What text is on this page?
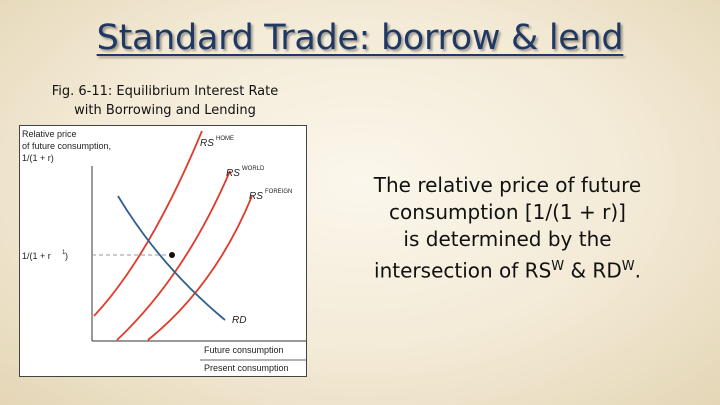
Standard Trade: borrow & lend
Fig. 6-11: Equilibrium Interest Rate
with Borrowing and Lending
Relative price
of future consumption,
1/(1 + r)
1/(1 + r 1 )
RS HOME
RS WORLD
RS FOREIGN
RD
Future consumption
Present consumption
The relative price of future
consumption [1/(1 + r)]
is determined by the
intersection of $RS^W$ & $RD^W$.
